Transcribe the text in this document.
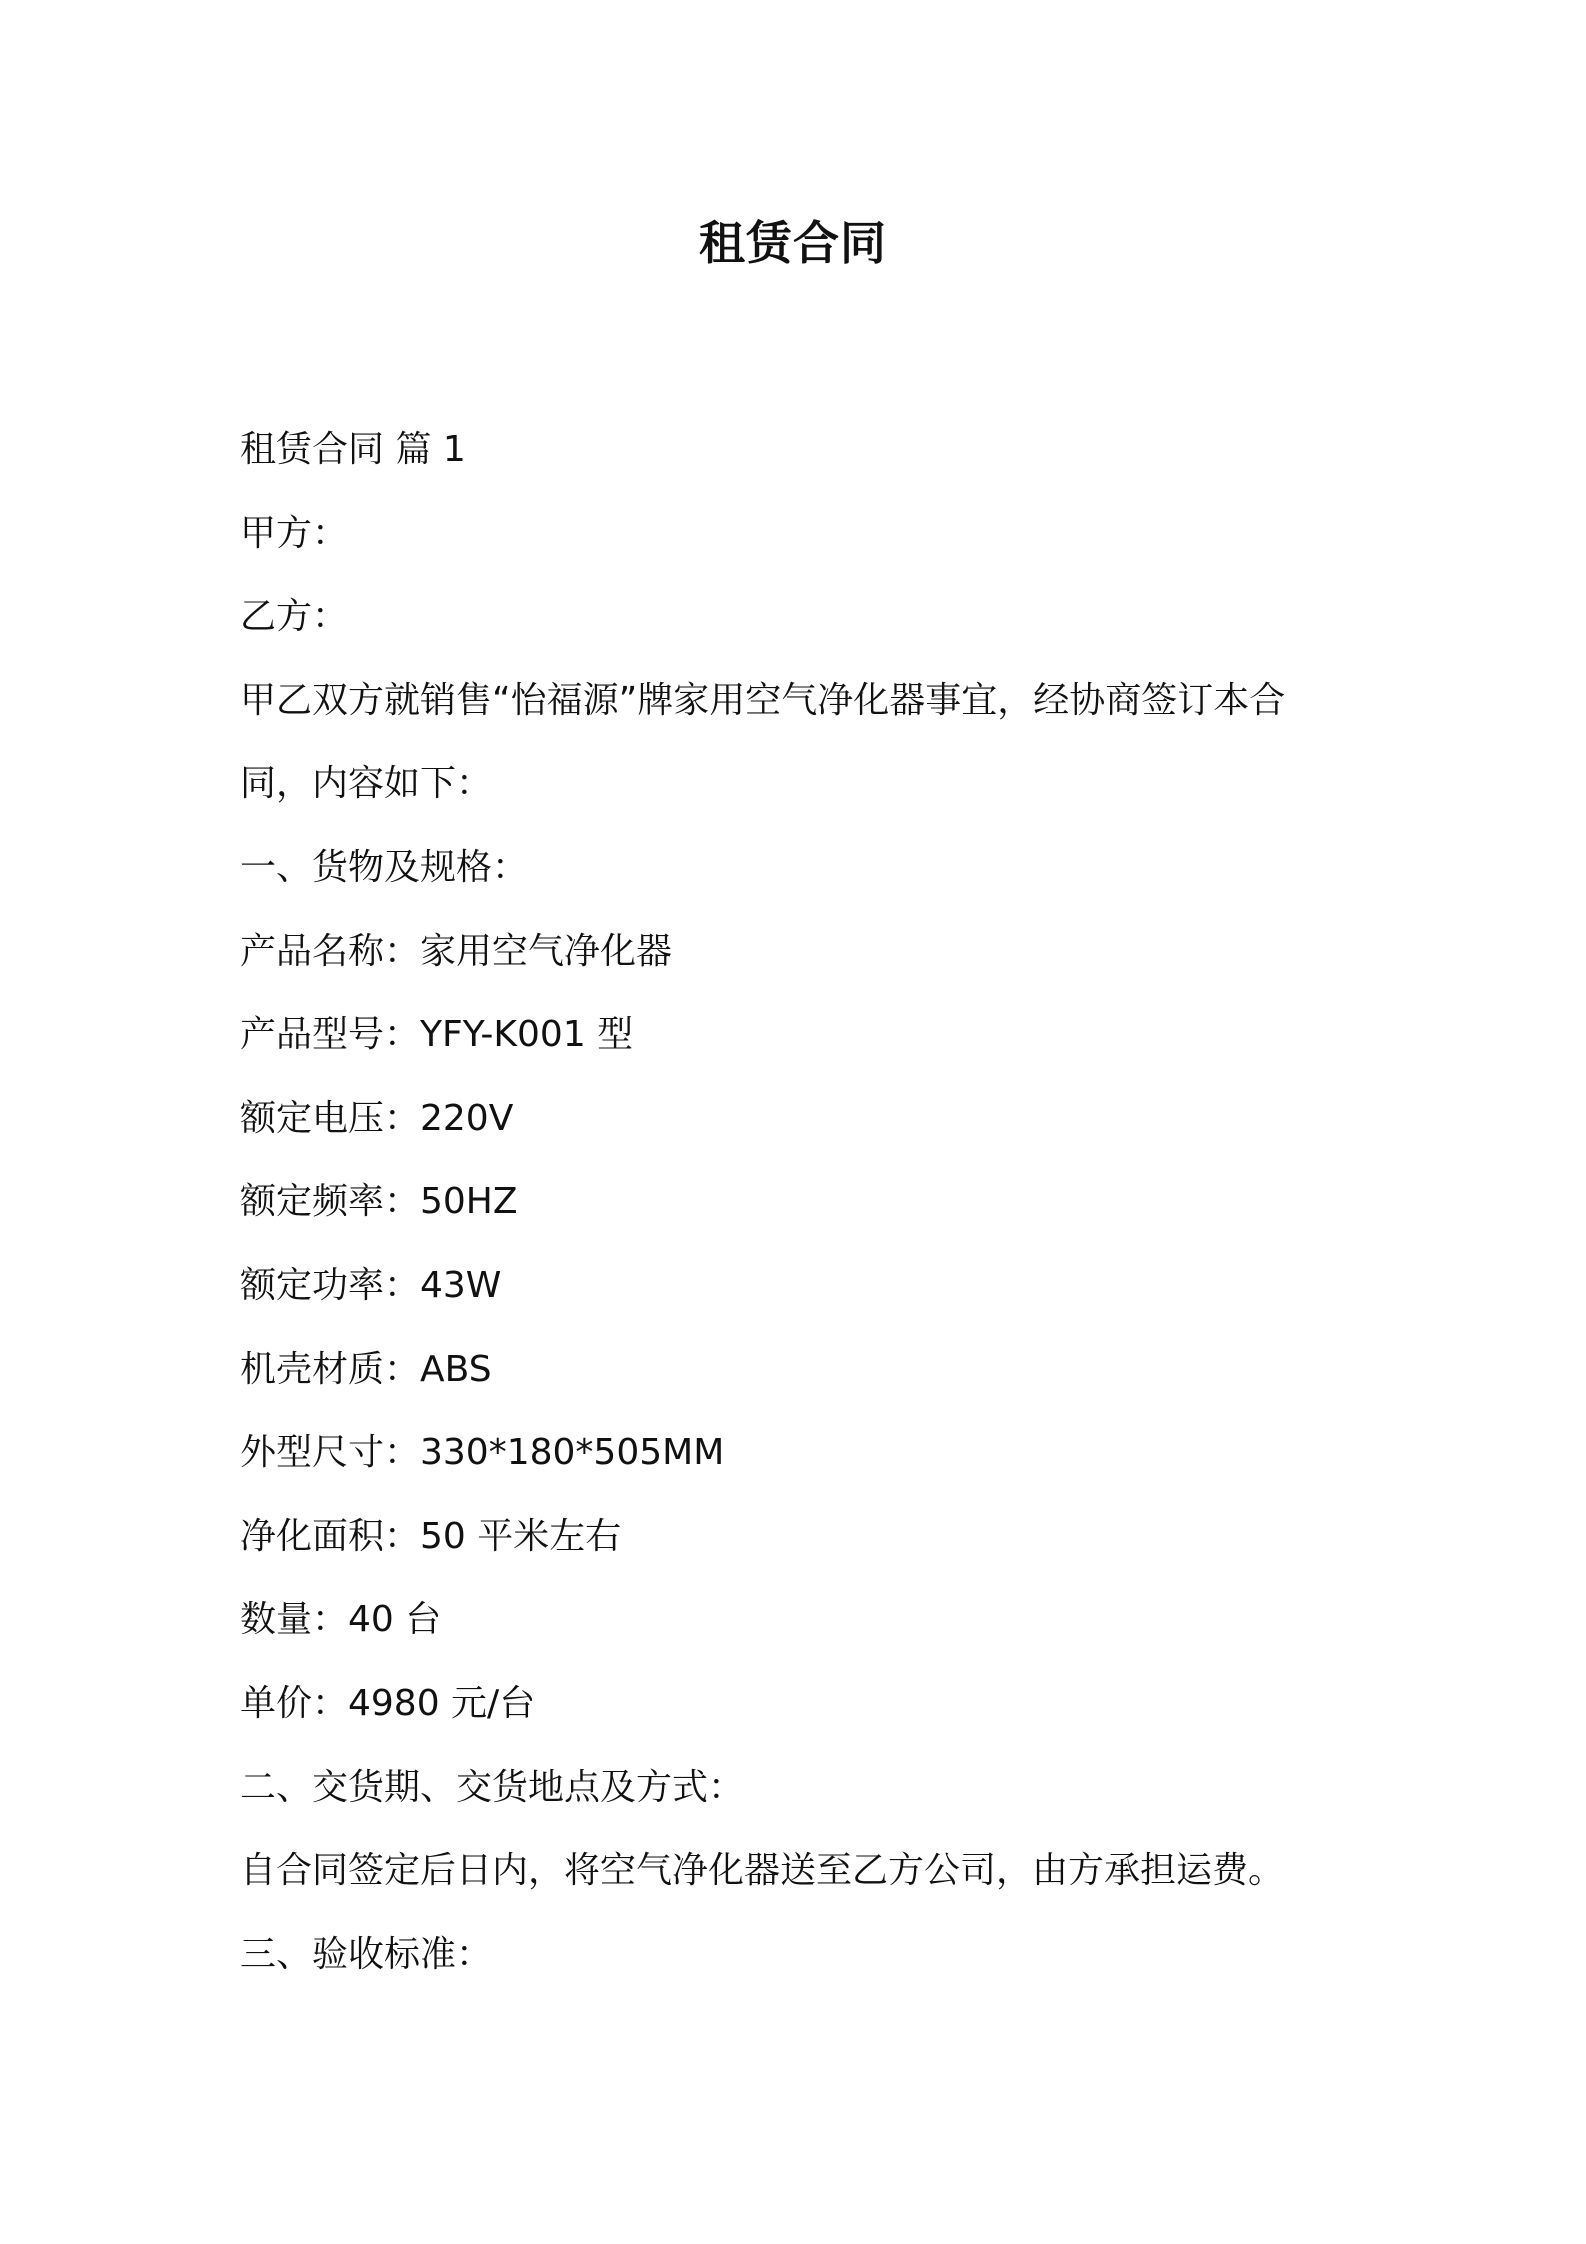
租赁合同

租赁合同 篇 1

甲方：

乙方：

甲乙双方就销售“怡福源”牌家用空气净化器事宜，经协商签订本合

同，内容如下：

一、货物及规格：

产品名称：家用空气净化器

产品型号：YFY-K001 型

额定电压：220V

额定频率：50HZ

额定功率：43W

机壳材质：ABS

外型尺寸：330*180*505MM

净化面积：50 平米左右

数量：40 台

单价：4980 元/台

二、交货期、交货地点及方式：

自合同签定后日内，将空气净化器送至乙方公司，由方承担运费。

三、验收标准：
